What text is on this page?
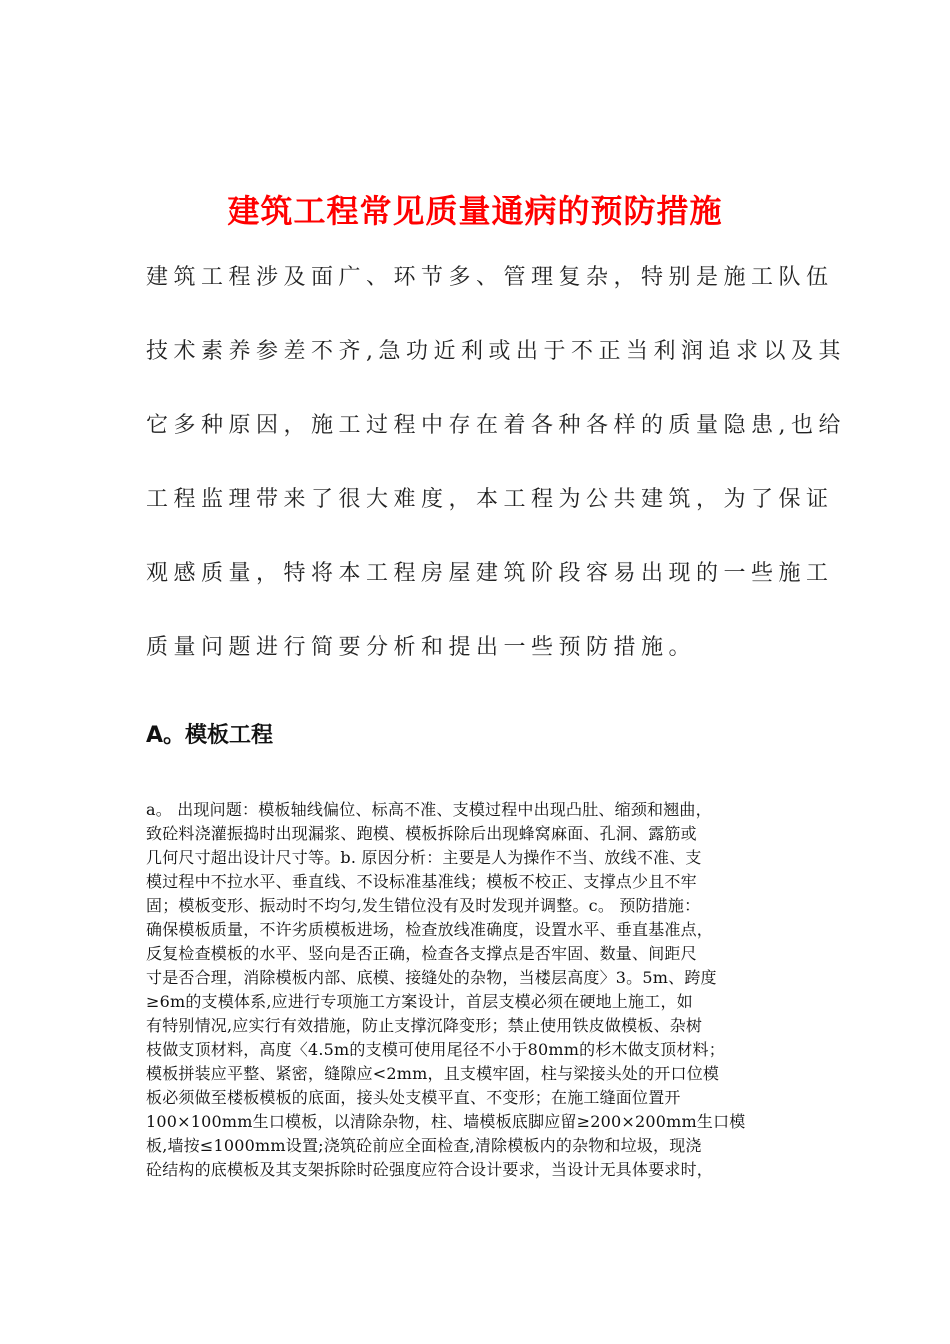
建筑工程常见质量通病的预防措施
建筑工程涉及面广、环节多、管理复杂，特别是施工队伍
技术素养参差不齐,急功近利或出于不正当利润追求以及其
它多种原因，施工过程中存在着各种各样的质量隐患,也给
工程监理带来了很大难度，本工程为公共建筑，为了保证
观感质量，特将本工程房屋建筑阶段容易出现的一些施工
质量问题进行简要分析和提出一些预防措施。
A。模板工程
a。 出现问题：模板轴线偏位、标高不准、支模过程中出现凸肚、缩颈和翘曲，
致砼料浇灌振捣时出现漏浆、跑模、模板拆除后出现蜂窝麻面、孔洞、露筋或
几何尺寸超出设计尺寸等。b. 原因分析：主要是人为操作不当、放线不准、支
模过程中不拉水平、垂直线、不设标准基准线；模板不校正、支撑点少且不牢
固；模板变形、振动时不均匀,发生错位没有及时发现并调整。c。 预防措施：
确保模板质量，不许劣质模板进场，检查放线准确度，设置水平、垂直基准点，
反复检查模板的水平、竖向是否正确，检查各支撑点是否牢固、数量、间距尺
寸是否合理，消除模板内部、底模、接缝处的杂物，当楼层高度〉3。5m、跨度
≥6m的支模体系,应进行专项施工方案设计，首层支模必须在硬地上施工，如
有特别情况,应实行有效措施，防止支撑沉降变形；禁止使用铁皮做模板、杂树
枝做支顶材料，高度〈4.5m的支模可使用尾径不小于80mm的杉木做支顶材料；
模板拼装应平整、紧密，缝隙应<2mm，且支模牢固，柱与梁接头处的开口位模
板必须做至楼板模板的底面，接头处支模平直、不变形；在施工缝面位置开
100×100mm生口模板，以清除杂物，柱、墙模板底脚应留≥200×200mm生口模
板,墙按≤1000mm设置;浇筑砼前应全面检查,清除模板内的杂物和垃圾，现浇
砼结构的底模板及其支架拆除时砼强度应符合设计要求，当设计无具体要求时，
